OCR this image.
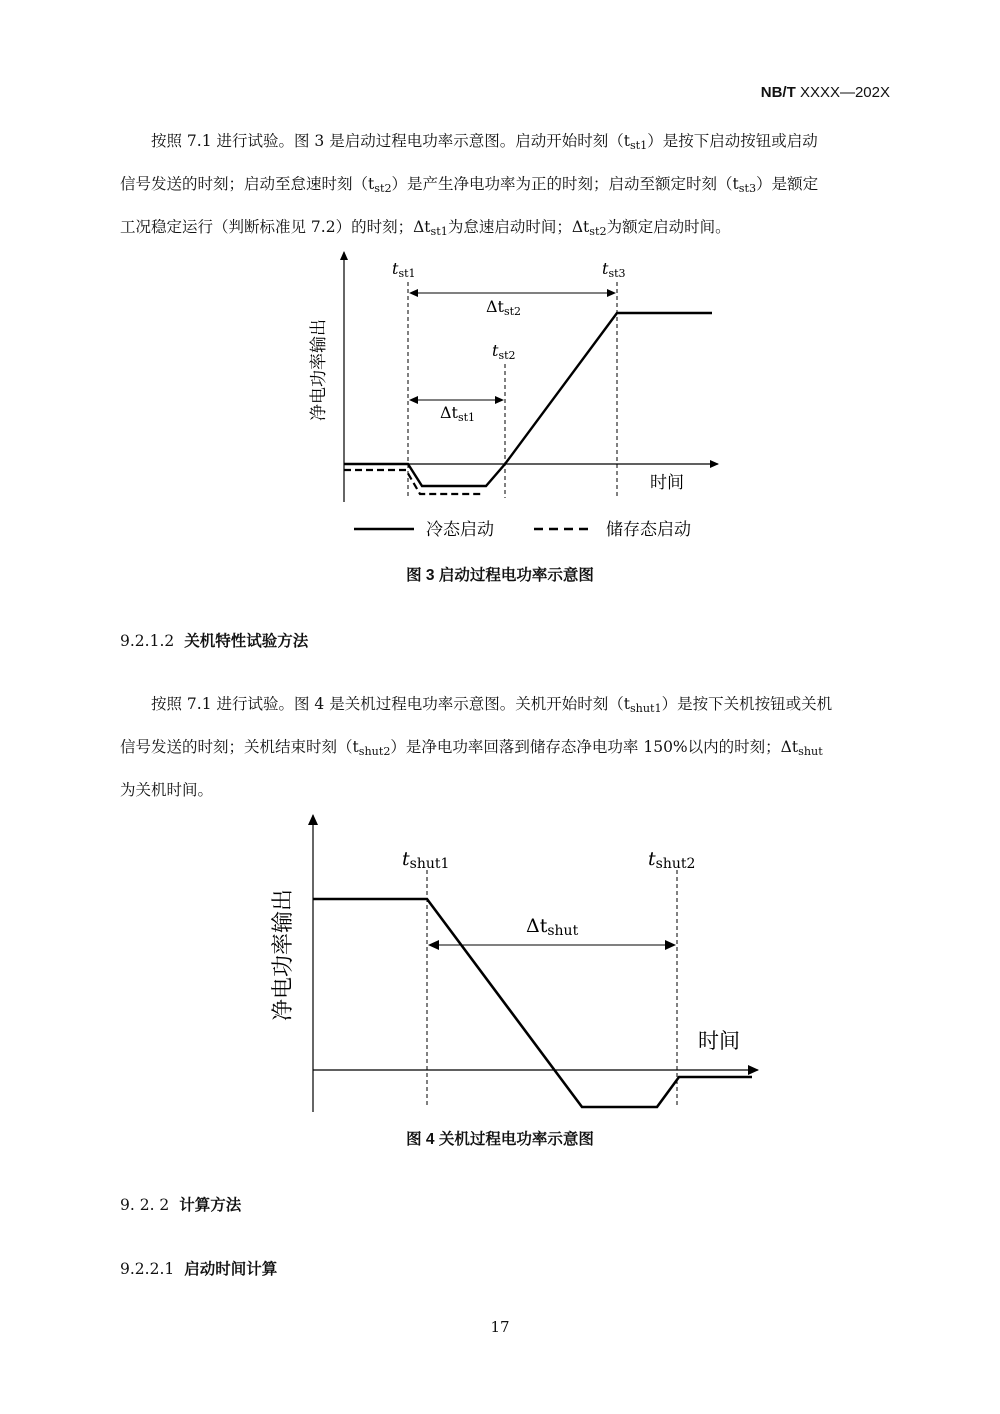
NB/T XXXX—202X
按照 7.1 进行试验。图 3 是启动过程电功率示意图。启动开始时刻$(t_{st1})$是按下启动按钮或启动
信号发送的时刻；启动至怠速时刻$(t_{st2})$是产生净电功率为正的时刻；启动至额定时刻$(t_{st3})$是额定
工况稳定运行（判断标准见 7.2）的时刻；$\Delta t_{st1}$为怠速启动时间；$\Delta t_{st2}$为额定启动时间。
净电功率输出
时间
tst1
tst2
tst3
Δtst2
Δtst1
冷态启动	储存态启动
图 3 启动过程电功率示意图
9.2.1.2 关机特性试验方法
按照 7.1 进行试验。图 4 是关机过程电功率示意图。关机开始时刻$(t_{shut1})$是按下关机按钮或关机
信号发送的时刻；关机结束时刻$(t_{shut2})$是净电功率回落到储存态净电功率 150%以内的时刻；$\Delta t_{shut}$
为关机时间。
净电功率输出
时间
tshut1	tshut2
Δtshut
图 4 关机过程电功率示意图
9. 2. 2 计算方法
9.2.2.1 启动时间计算
17
